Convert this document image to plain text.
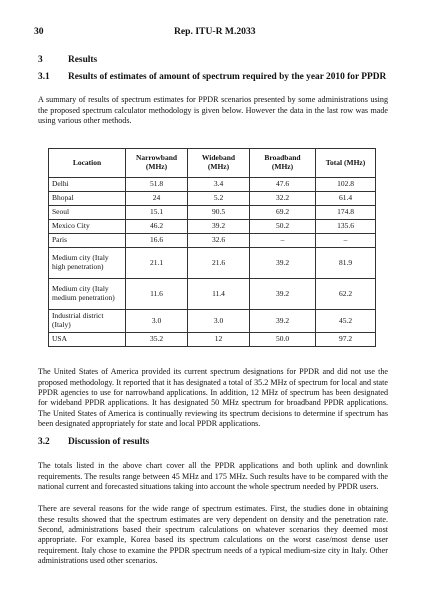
30	Rep. ITU-R M.2033
3	Results
3.1 Results of estimates of amount of spectrum required by the year 2010 for PPDR

A summary of results of spectrum estimates for PPDR scenarios presented by some administrations using the proposed spectrum calculator methodology is given below. However the data in the last row was made using various other methods.

Location	Narrowband (MHz)	Wideband (MHz)	Broadband (MHz)	Total (MHz)
Delhi	51.8	3.4	47.6	102.8
Bhopal	24	5.2	32.2	61.4
Seoul	15.1	90.5	69.2	174.8
Mexico City	46.2	39.2	50.2	135.6
Paris	16.6	32.6	–	–
Medium city (Italy high penetration)	21.1	21.6	39.2	81.9
Medium city (Italy medium penetration)	11.6	11.4	39.2	62.2
Industrial district (Italy)	3.0	3.0	39.2	45.2
USA	35.2	12	50.0	97.2

The United States of America provided its current spectrum designations for PPDR and did not use the proposed methodology. It reported that it has designated a total of 35.2 MHz of spectrum for local and state PPDR agencies to use for narrowband applications. In addition, 12 MHz of spectrum has been designated for wideband PPDR applications. It has designated 50 MHz spectrum for broadband PPDR applications. The United States of America is continually reviewing its spectrum decisions to determine if spectrum has been designated appropriately for state and local PPDR applications.

3.2 Discussion of results

The totals listed in the above chart cover all the PPDR applications and both uplink and downlink requirements. The results range between 45 MHz and 175 MHz. Such results have to be compared with the national current and forecasted situations taking into account the whole spectrum needed by PPDR users.

There are several reasons for the wide range of spectrum estimates. First, the studies done in obtaining these results showed that the spectrum estimates are very dependent on density and the penetration rate. Second, administrations based their spectrum calculations on whatever scenarios they deemed most appropriate. For example, Korea based its spectrum calculations on the worst case/most dense user requirement. Italy chose to examine the PPDR spectrum needs of a typical medium-size city in Italy. Other administrations used other scenarios.
